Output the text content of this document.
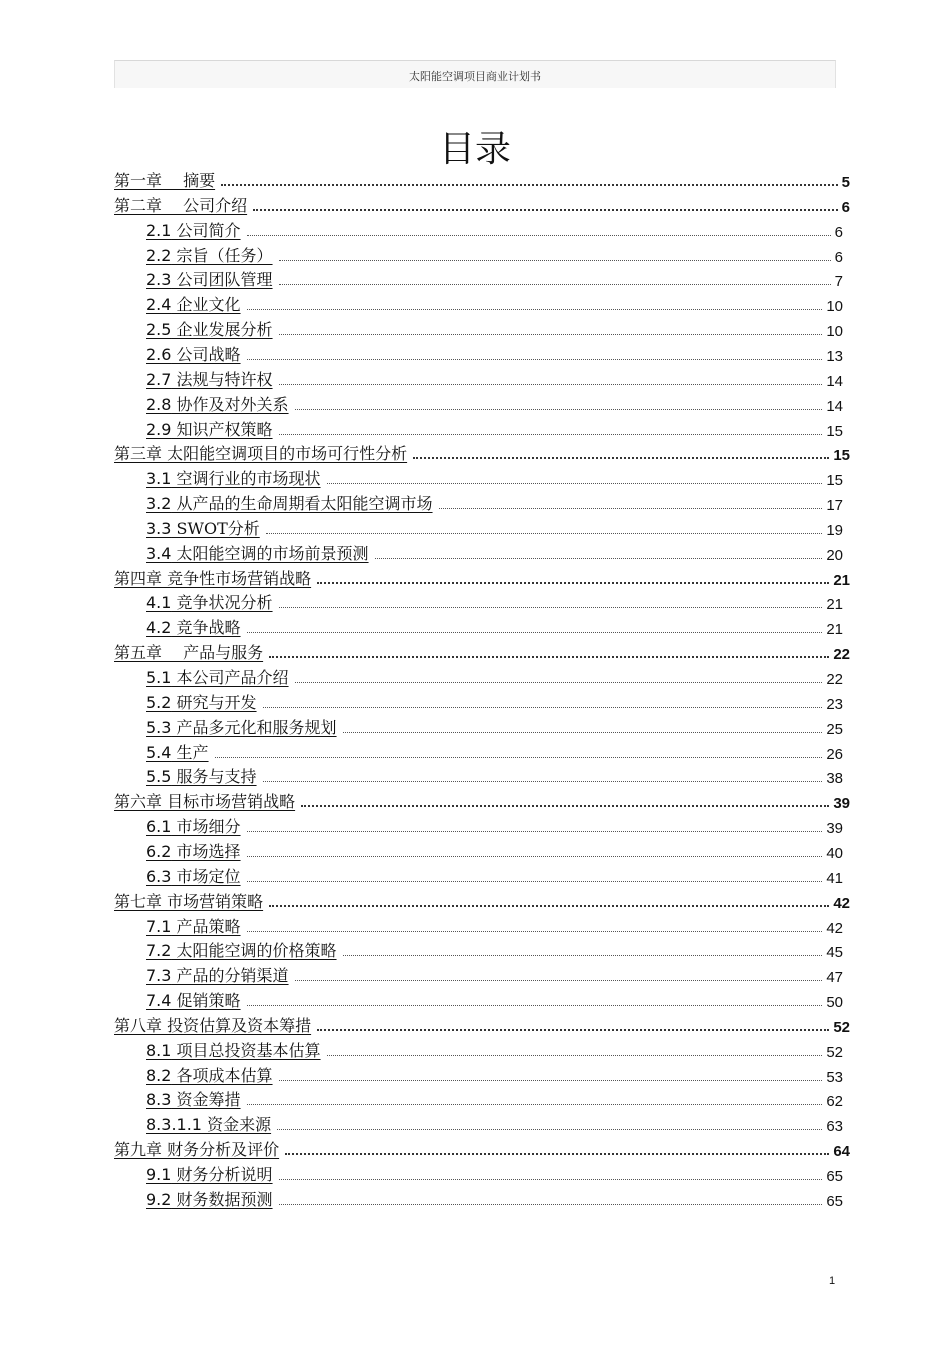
太阳能空调项目商业计划书
目录
第一章　 摘要	5
第二章　 公司介绍	6
2.1 公司简介	6
2.2 宗旨（任务）	6
2.3 公司团队管理	7
2.4 企业文化	10
2.5 企业发展分析	10
2.6 公司战略	13
2.7 法规与特许权	14
2.8 协作及对外关系	14
2.9 知识产权策略	15
第三章 太阳能空调项目的市场可行性分析	15
3.1 空调行业的市场现状	15
3.2 从产品的生命周期看太阳能空调市场	17
3.3 SWOT分析	19
3.4 太阳能空调的市场前景预测	20
第四章 竞争性市场营销战略	21
4.1 竞争状况分析	21
4.2 竞争战略	21
第五章　 产品与服务	22
5.1 本公司产品介绍	22
5.2 研究与开发	23
5.3 产品多元化和服务规划	25
5.4 生产	26
5.5 服务与支持	38
第六章 目标市场营销战略	39
6.1 市场细分	39
6.2 市场选择	40
6.3 市场定位	41
第七章 市场营销策略	42
7.1 产品策略	42
7.2 太阳能空调的价格策略	45
7.3 产品的分销渠道	47
7.4 促销策略	50
第八章 投资估算及资本筹措	52
8.1 项目总投资基本估算	52
8.2 各项成本估算	53
8.3 资金筹措	62
8.3.1.1 资金来源	63
第九章 财务分析及评价	64
9.1 财务分析说明	65
9.2 财务数据预测	65
1
